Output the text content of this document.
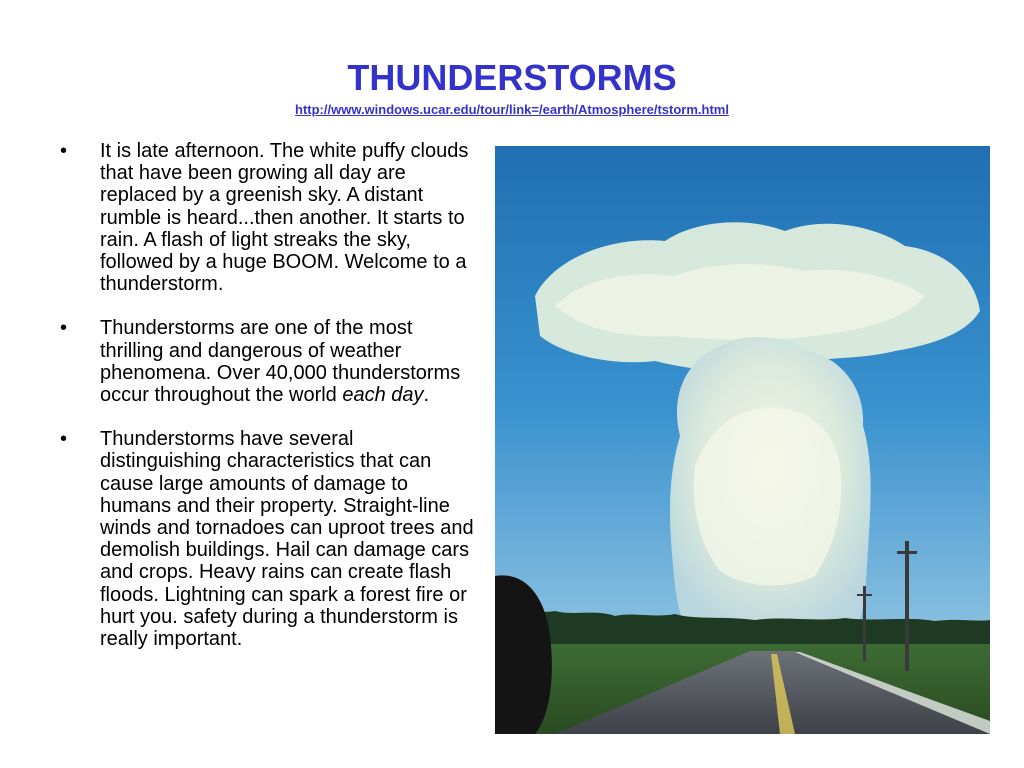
THUNDERSTORMS
http://www.windows.ucar.edu/tour/link=/earth/Atmosphere/tstorm.html
• It is late afternoon. The white puffy clouds that have been growing all day are replaced by a greenish sky. A distant rumble is heard...then another. It starts to rain. A flash of light streaks the sky, followed by a huge BOOM. Welcome to a thunderstorm.
• Thunderstorms are one of the most thrilling and dangerous of weather phenomena. Over 40,000 thunderstorms occur throughout the world each day.
• Thunderstorms have several distinguishing characteristics that can cause large amounts of damage to humans and their property. Straight-line winds and tornadoes can uproot trees and demolish buildings. Hail can damage cars and crops. Heavy rains can create flash floods. Lightning can spark a forest fire or hurt you. safety during a thunderstorm is really important.
